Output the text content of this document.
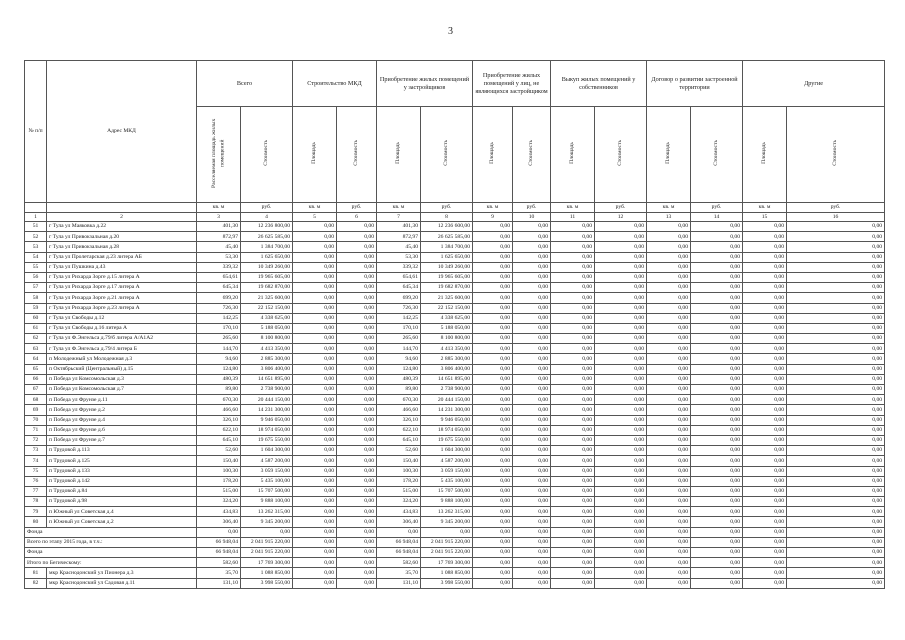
3
№ п/п	Адрес МКД	Всего		Строительство МКД		Приобретение жилых помещений у застройщиков		Приобретение жилых помещений у лиц, не являющихся застройщиком		Выкуп жилых помещений у собственников		Договор о развитии застроенной территории		Другие	
		Расселяемая площадь жилых помещений	Стоимость	Площадь	Стоимость	Площадь	Стоимость	Площадь	Стоимость	Площадь	Стоимость	Площадь	Стоимость	Площадь	Стоимость
		кв. м	руб.	кв. м	руб.	кв. м	руб.	кв. м	руб.	кв. м	руб.	кв. м	руб.	кв. м	руб.
1	2	3	4	5	6	7	8	9	10	11	12	13	14	15	16
51	г Тула ул Маяковка д.22	401,30	12 236 800,00	0,00	0,00	401,30	12 236 600,00	0,00	0,00	0,00	0,00	0,00	0,00	0,00	0,00
52	г Тула ул Привокзальная д.20	872,97	26 625 585,00	0,00	0,00	872,97	26 625 585,00	0,00	0,00	0,00	0,00	0,00	0,00	0,00	0,00
53	г Тула ул Привокзальная д.28	45,40	1 384 700,00	0,00	0,00	45,40	1 384 700,00	0,00	0,00	0,00	0,00	0,00	0,00	0,00	0,00
54	г Тула ул Пролетарская д.23 литера АБ	53,30	1 625 650,00	0,00	0,00	53,30	1 625 650,00	0,00	0,00	0,00	0,00	0,00	0,00	0,00	0,00
55	г Тула ул Пушкина д.43	339,32	10 349 260,00	0,00	0,00	339,32	10 349 260,00	0,00	0,00	0,00	0,00	0,00	0,00	0,00	0,00
56	г Тула ул Рихарда Зорге д.15 литера А	654,61	19 965 605,00	0,00	0,00	654,61	19 965 605,00	0,00	0,00	0,00	0,00	0,00	0,00	0,00	0,00
57	г Тула ул Рихарда Зорге д.17 литера А	645,34	19 682 870,00	0,00	0,00	645,34	19 682 870,00	0,00	0,00	0,00	0,00	0,00	0,00	0,00	0,00
58	г Тула ул Рихарда Зорге д.21 литера А	699,20	21 325 600,00	0,00	0,00	699,20	21 325 600,00	0,00	0,00	0,00	0,00	0,00	0,00	0,00	0,00
59	г Тула ул Рихарда Зорге д.23 литера А	726,30	22 152 150,00	0,00	0,00	726,30	22 152 150,00	0,00	0,00	0,00	0,00	0,00	0,00	0,00	0,00
60	г Тула ул Свободы д.12	142,25	4 338 625,00	0,00	0,00	142,25	4 338 625,00	0,00	0,00	0,00	0,00	0,00	0,00	0,00	0,00
61	г Тула ул Свободы д.16 литера А	170,10	5 188 050,00	0,00	0,00	170,10	5 188 050,00	0,00	0,00	0,00	0,00	0,00	0,00	0,00	0,00
62	г Тула ул Ф.Энгельса д.79/б литера А/А1А2	265,60	8 100 800,00	0,00	0,00	265,60	8 100 800,00	0,00	0,00	0,00	0,00	0,00	0,00	0,00	0,00
63	г Тула ул Ф.Энгельса д.79/4 литера Б	144,70	4 413 350,00	0,00	0,00	144,70	4 413 350,00	0,00	0,00	0,00	0,00	0,00	0,00	0,00	0,00
64	п Молодежный ул Молодежная д.3	94,60	2 885 300,00	0,00	0,00	94,60	2 885 300,00	0,00	0,00	0,00	0,00	0,00	0,00	0,00	0,00
65	п Октябрьский (Центральный) д.15	124,80	3 806 400,00	0,00	0,00	124,80	3 806 400,00	0,00	0,00	0,00	0,00	0,00	0,00	0,00	0,00
66	п Победа ул Комсомольская д.3	480,39	14 651 895,00	0,00	0,00	480,39	14 651 895,00	0,00	0,00	0,00	0,00	0,00	0,00	0,00	0,00
67	п Победа ул Комсомольская д.7	89,80	2 738 900,00	0,00	0,00	89,80	2 738 900,00	0,00	0,00	0,00	0,00	0,00	0,00	0,00	0,00
68	п Победа ул Фрунзе д.11	670,30	20 444 150,00	0,00	0,00	670,30	20 444 150,00	0,00	0,00	0,00	0,00	0,00	0,00	0,00	0,00
69	п Победа ул Фрунзе д.2	466,60	14 231 300,00	0,00	0,00	466,60	14 231 300,00	0,00	0,00	0,00	0,00	0,00	0,00	0,00	0,00
70	п Победа ул Фрунзе д.4	326,10	9 946 050,00	0,00	0,00	326,10	9 946 050,00	0,00	0,00	0,00	0,00	0,00	0,00	0,00	0,00
71	п Победа ул Фрунзе д.6	622,10	18 974 050,00	0,00	0,00	622,10	18 974 050,00	0,00	0,00	0,00	0,00	0,00	0,00	0,00	0,00
72	п Победа ул Фрунзе д.7	645,10	19 675 550,00	0,00	0,00	645,10	19 675 550,00	0,00	0,00	0,00	0,00	0,00	0,00	0,00	0,00
73	п Трудовой д.113	52,60	1 604 300,00	0,00	0,00	52,60	1 604 300,00	0,00	0,00	0,00	0,00	0,00	0,00	0,00	0,00
74	п Трудовой д.125	150,40	4 587 200,00	0,00	0,00	150,40	4 587 200,00	0,00	0,00	0,00	0,00	0,00	0,00	0,00	0,00
75	п Трудовой д.133	100,30	3 059 150,00	0,00	0,00	100,30	3 059 150,00	0,00	0,00	0,00	0,00	0,00	0,00	0,00	0,00
76	п Трудовой д.142	178,20	5 435 100,00	0,00	0,00	178,20	5 435 100,00	0,00	0,00	0,00	0,00	0,00	0,00	0,00	0,00
77	п Трудовой д.84	515,00	15 707 500,00	0,00	0,00	515,00	15 707 500,00	0,00	0,00	0,00	0,00	0,00	0,00	0,00	0,00
78	п Трудовой д.98	324,20	9 888 100,00	0,00	0,00	324,20	9 888 100,00	0,00	0,00	0,00	0,00	0,00	0,00	0,00	0,00
79	п Южный ул Советская д.4	434,83	13 262 315,00	0,00	0,00	434,83	13 262 315,00	0,00	0,00	0,00	0,00	0,00	0,00	0,00	0,00
80	п Южный ул Советская д.2	306,40	9 345 200,00	0,00	0,00	306,40	9 345 200,00	0,00	0,00	0,00	0,00	0,00	0,00	0,00	0,00
Фонда		0,00	0,00	0,00	0,00	0,00	0,00	0,00	0,00	0,00	0,00	0,00	0,00	0,00	0,00
Всего по этапу 2015 года, в т.ч.:		66 948,04	2 041 915 220,00	0,00	0,00	66 948,04	2 041 915 220,00	0,00	0,00	0,00	0,00	0,00	0,00	0,00	0,00
Фонда		66 948,04	2 041 915 220,00	0,00	0,00	66 948,04	2 041 915 220,00	0,00	0,00	0,00	0,00	0,00	0,00	0,00	0,00
Итого по Бегическому:		582,60	17 769 300,00	0,00	0,00	582,60	17 769 300,00	0,00	0,00	0,00	0,00	0,00	0,00	0,00	0,00
81	мкр Краснодонский ул Пионера д.3	35,70	1 088 850,00	0,00	0,00	35,70	1 088 850,00	0,00	0,00	0,00	0,00	0,00	0,00	0,00	0,00
82	мкр Краснодонский ул Садовая д.11	131,10	3 998 550,00	0,00	0,00	131,10	3 998 550,00	0,00	0,00	0,00	0,00	0,00	0,00	0,00	0,00
